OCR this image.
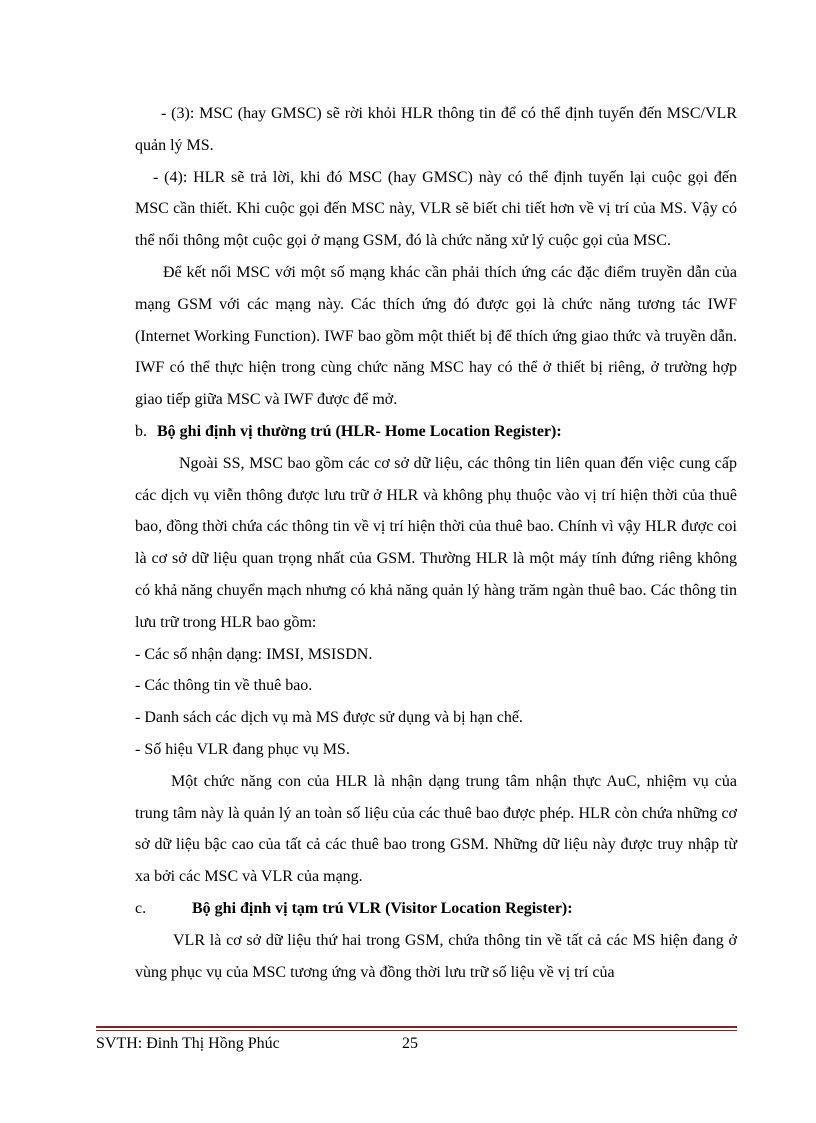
- (3): MSC (hay GMSC) sẽ rời khỏi HLR thông tin để có thể định tuyến đến MSC/VLR quản lý MS.

- (4): HLR sẽ trả lời, khi đó MSC (hay GMSC) này có thể định tuyến lại cuộc gọi đến MSC cần thiết. Khi cuộc gọi đến MSC này, VLR sẽ biết chi tiết hơn về vị trí của MS. Vậy có thể nối thông một cuộc gọi ở mạng GSM, đó là chức năng xử lý cuộc gọi của MSC.

Để kết nối MSC với một số mạng khác cần phải thích ứng các đặc điểm truyền dẫn của mạng GSM với các mạng này. Các thích ứng đó được gọi là chức năng tương tác IWF (Internet Working Function). IWF bao gồm một thiết bị để thích ứng giao thức và truyền dẫn. IWF có thể thực hiện trong cùng chức năng MSC hay có thể ở thiết bị riêng, ở trường hợp giao tiếp giữa MSC và IWF được để mở.

b. Bộ ghi định vị thường trú (HLR- Home Location Register):

Ngoài SS, MSC bao gồm các cơ sở dữ liệu, các thông tin liên quan đến việc cung cấp các dịch vụ viễn thông được lưu trữ ở HLR và không phụ thuộc vào vị trí hiện thời của thuê bao, đồng thời chứa các thông tin về vị trí hiện thời của thuê bao. Chính vì vậy HLR được coi là cơ sở dữ liệu quan trọng nhất của GSM. Thường HLR là một máy tính đứng riêng không có khả năng chuyển mạch nhưng có khả năng quản lý hàng trăm ngàn thuê bao. Các thông tin lưu trữ trong HLR bao gồm:

- Các số nhận dạng: IMSI, MSISDN.

- Các thông tin về thuê bao.

- Danh sách các dịch vụ mà MS được sử dụng và bị hạn chế.

- Số hiệu VLR đang phục vụ MS.

Một chức năng con của HLR là nhận dạng trung tâm nhận thực AuC, nhiệm vụ của trung tâm này là quản lý an toàn số liệu của các thuê bao được phép. HLR còn chứa những cơ sở dữ liệu bậc cao của tất cả các thuê bao trong GSM. Những dữ liệu này được truy nhập từ xa bởi các MSC và VLR của mạng.

c.	Bộ ghi định vị tạm trú VLR (Visitor Location Register):

VLR là cơ sở dữ liệu thứ hai trong GSM, chứa thông tin về tất cả các MS hiện đang ở vùng phục vụ của MSC tương ứng và đồng thời lưu trữ số liệu về vị trí của

SVTH: Đinh Thị Hồng Phúc	25
